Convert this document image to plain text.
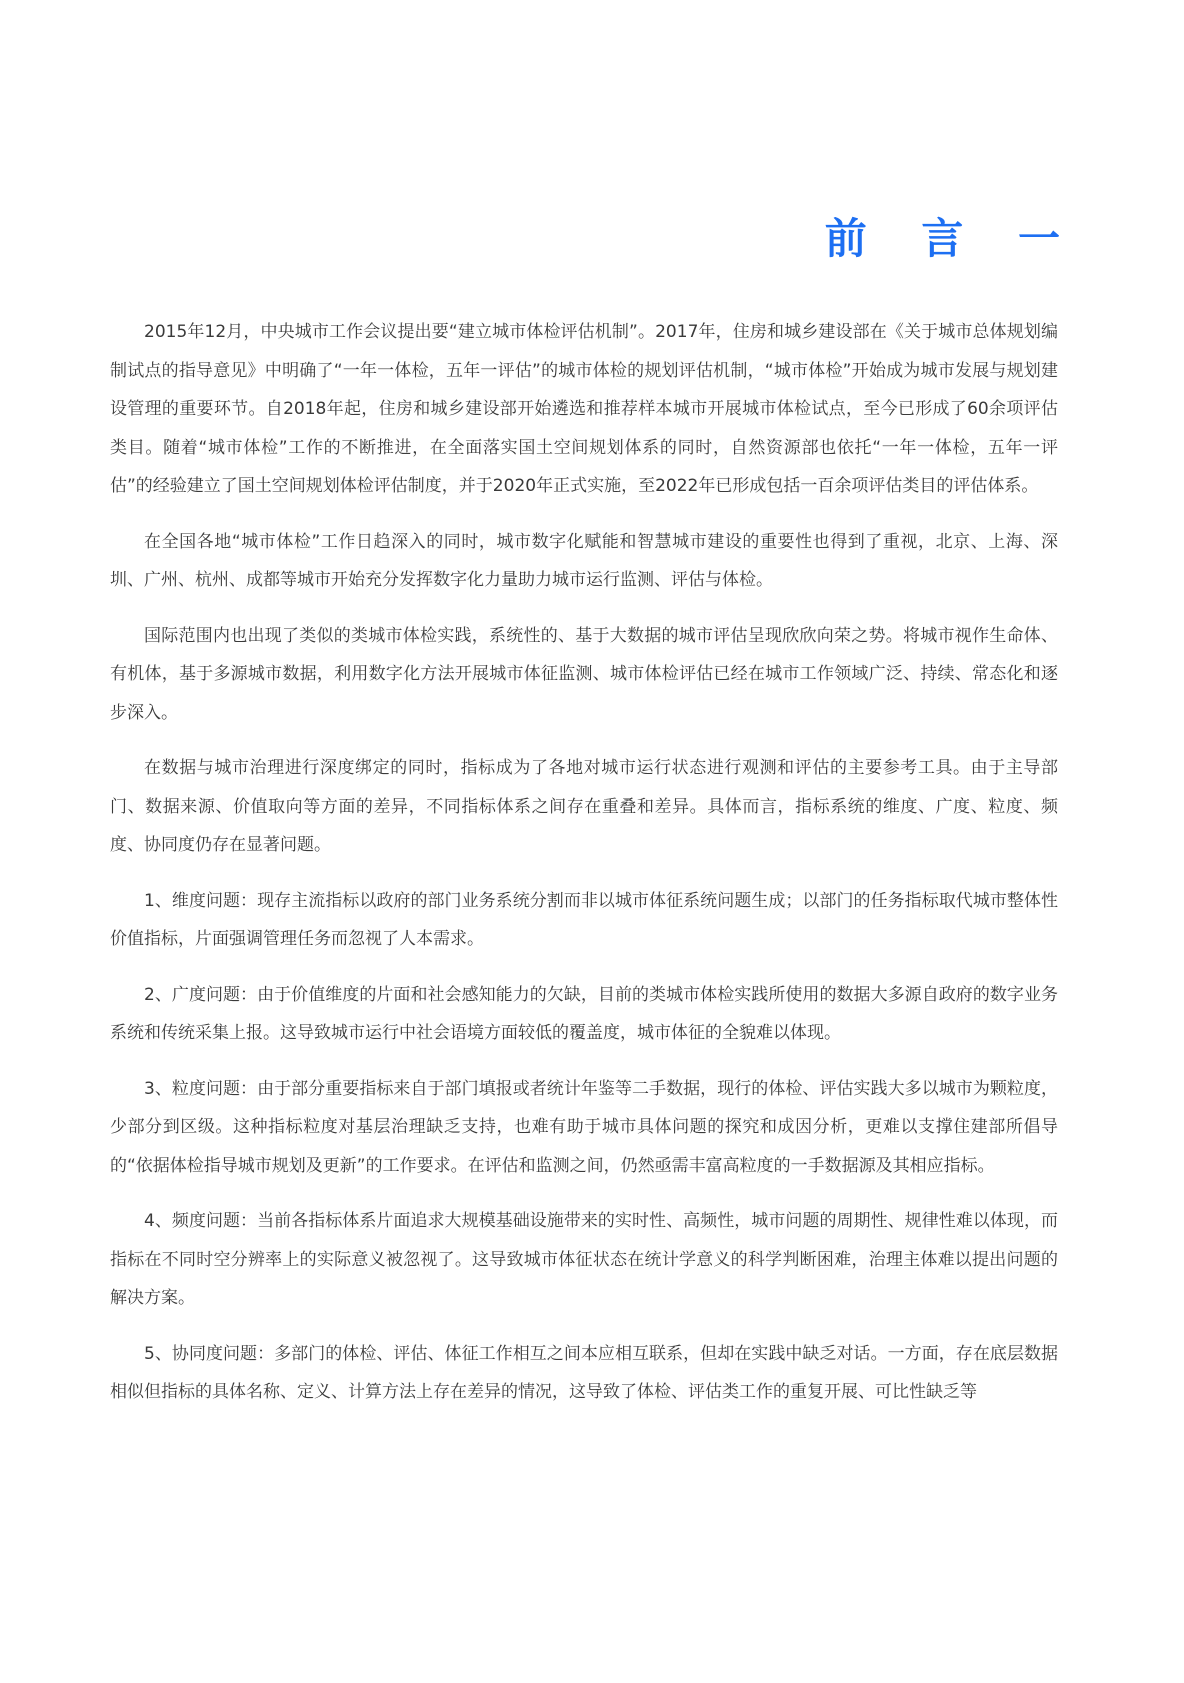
前 言 一

2015年12月，中央城市工作会议提出要“建立城市体检评估机制”。2017年，住房和城乡建设部在《关于城市总体规划编制试点的指导意见》中明确了“一年一体检，五年一评估”的城市体检的规划评估机制，“城市体检”开始成为城市发展与规划建设管理的重要环节。自2018年起，住房和城乡建设部开始遴选和推荐样本城市开展城市体检试点，至今已形成了60余项评估类目。随着“城市体检”工作的不断推进，在全面落实国土空间规划体系的同时，自然资源部也依托“一年一体检，五年一评估”的经验建立了国土空间规划体检评估制度，并于2020年正式实施，至2022年已形成包括一百余项评估类目的评估体系。

在全国各地“城市体检”工作日趋深入的同时，城市数字化赋能和智慧城市建设的重要性也得到了重视，北京、上海、深圳、广州、杭州、成都等城市开始充分发挥数字化力量助力城市运行监测、评估与体检。

国际范围内也出现了类似的类城市体检实践，系统性的、基于大数据的城市评估呈现欣欣向荣之势。将城市视作生命体、有机体，基于多源城市数据，利用数字化方法开展城市体征监测、城市体检评估已经在城市工作领域广泛、持续、常态化和逐步深入。

在数据与城市治理进行深度绑定的同时，指标成为了各地对城市运行状态进行观测和评估的主要参考工具。由于主导部门、数据来源、价值取向等方面的差异，不同指标体系之间存在重叠和差异。具体而言，指标系统的维度、广度、粒度、频度、协同度仍存在显著问题。

1、维度问题：现存主流指标以政府的部门业务系统分割而非以城市体征系统问题生成；以部门的任务指标取代城市整体性价值指标，片面强调管理任务而忽视了人本需求。

2、广度问题：由于价值维度的片面和社会感知能力的欠缺，目前的类城市体检实践所使用的数据大多源自政府的数字业务系统和传统采集上报。这导致城市运行中社会语境方面较低的覆盖度，城市体征的全貌难以体现。

3、粒度问题：由于部分重要指标来自于部门填报或者统计年鉴等二手数据，现行的体检、评估实践大多以城市为颗粒度，少部分到区级。这种指标粒度对基层治理缺乏支持，也难有助于城市具体问题的探究和成因分析，更难以支撑住建部所倡导的“依据体检指导城市规划及更新”的工作要求。在评估和监测之间，仍然亟需丰富高粒度的一手数据源及其相应指标。

4、频度问题：当前各指标体系片面追求大规模基础设施带来的实时性、高频性，城市问题的周期性、规律性难以体现，而指标在不同时空分辨率上的实际意义被忽视了。这导致城市体征状态在统计学意义的科学判断困难，治理主体难以提出问题的解决方案。

5、协同度问题：多部门的体检、评估、体征工作相互之间本应相互联系，但却在实践中缺乏对话。一方面，存在底层数据相似但指标的具体名称、定义、计算方法上存在差异的情况，这导致了体检、评估类工作的重复开展、可比性缺乏等
